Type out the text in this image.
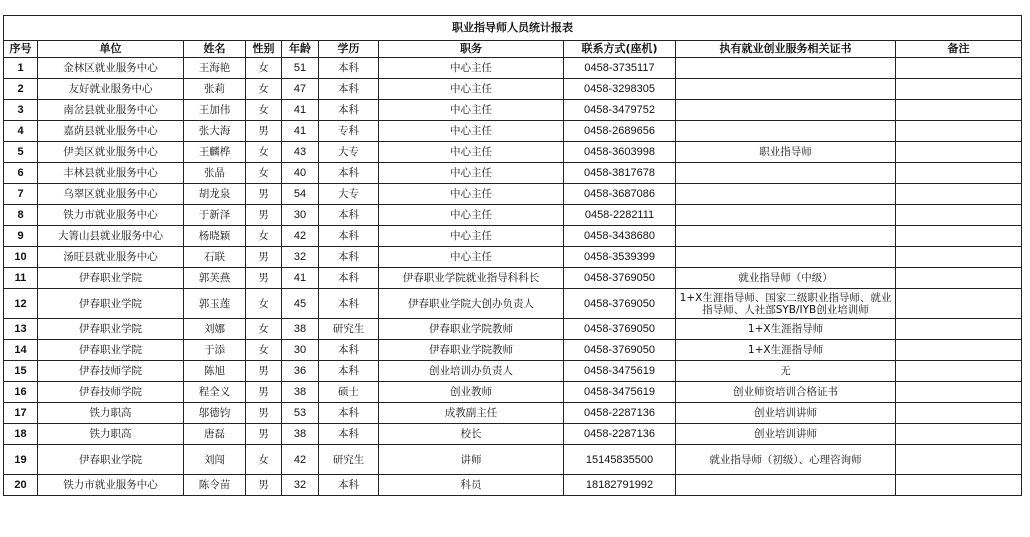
职业指导师人员统计报表									
序号	单位	姓名	性别	年龄	学历	职务	联系方式(座机)	执有就业创业服务相关证书	备注
1	金林区就业服务中心	王海艳	女	51	本科	中心主任	0458-3735117		
2	友好就业服务中心	张莉	女	47	本科	中心主任	0458-3298305		
3	南岔县就业服务中心	王加伟	女	41	本科	中心主任	0458-3479752		
4	嘉荫县就业服务中心	张大海	男	41	专科	中心主任	0458-2689656		
5	伊美区就业服务中心	王麟桦	女	43	大专	中心主任	0458-3603998	职业指导师	
6	丰林县就业服务中心	张晶	女	40	本科	中心主任	0458-3817678		
7	乌翠区就业服务中心	胡龙泉	男	54	大专	中心主任	0458-3687086		
8	铁力市就业服务中心	于新泽	男	30	本科	中心主任	0458-2282111		
9	大箐山县就业服务中心	杨晓颖	女	42	本科	中心主任	0458-3438680		
10	汤旺县就业服务中心	石联	男	32	本科	中心主任	0458-3539399		
11	伊春职业学院	郭芙燕	男	41	本科	伊春职业学院就业指导科科长	0458-3769050	就业指导师（中级）	
12	伊春职业学院	郭玉莲	女	45	本科	伊春职业学院大创办负责人	0458-3769050	1+X生涯指导师、国家二级职业指导师、就业指导师、人社部SYB/IYB创业培训师	
13	伊春职业学院	刘娜	女	38	研究生	伊春职业学院教师	0458-3769050	1+X生涯指导师	
14	伊春职业学院	于添	女	30	本科	伊春职业学院教师	0458-3769050	1+X生涯指导师	
15	伊春技师学院	陈旭	男	36	本科	创业培训办负责人	0458-3475619	无	
16	伊春技师学院	程全义	男	38	硕士	创业教师	0458-3475619	创业师资培训合格证书	
17	铁力职高	邬德钧	男	53	本科	成教副主任	0458-2287136	创业培训讲师	
18	铁力职高	唐磊	男	38	本科	校长	0458-2287136	创业培训讲师	
19	伊春职业学院	刘闯	女	42	研究生	讲师	15145835500	就业指导师（初级）、心理咨询师	
20	铁力市就业服务中心	陈令苗	男	32	本科	科员	18182791992		
